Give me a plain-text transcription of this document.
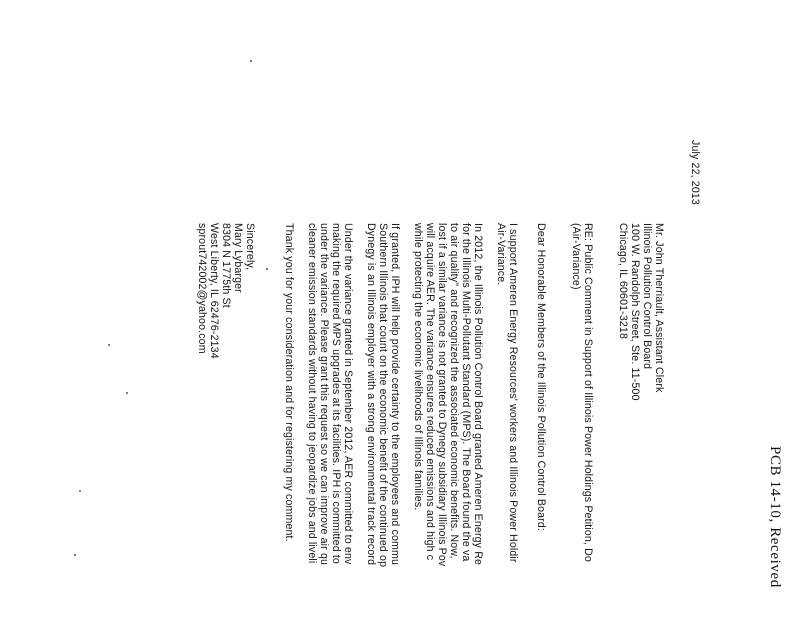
PCB 14-10, Received
July 22, 2013
Mr. John Therriault, Assistant Clerk
Illinois Pollution Control Board
100 W. Randolph Street, Ste. 11-500
Chicago, IL 60601-3218
RE: Public Comment in Support of Illinois Power Holdings Petition, Do
(Air-Variance)
Dear Honorable Members of the Illinois Pollution Control Board:
I support Ameren Energy Resources' workers and Illinois Power Holdir
Air-Variance.
In 2012, the Illinois Pollution Control Board granted Ameren Energy Re
for the Illinois Multi-Pollutant Standard (MPS). The Board found the va
to air quality" and recognized the associated economic benefits. Now,
lost if a similar variance is not granted to Dynegy subsidiary Illinois Pov
will acquire AER. The variance ensures reduced emissions and high c
while protecting the economic livelihoods of Illinois families.
If granted, IPH will help provide certainty to the employees and commu
Southern Illinois that count on the economic benefit of the continued op
Dynegy is an Illinois employer with a strong environmental track record
Under the variance granted in September 2012, AER committed to env
making the required MPS upgrades at its facilities. IPH is committed to
under the variance. Please grant this request so we can improve air qu
cleaner emission standards without having to jeopardize jobs and liveli
Thank you for your consideration and for registering my comment.
Sincerely,
Mary Lybarger
8304 N 1775th St
West Liberty, IL 62476-2134
sprout742002@yahoo.com
